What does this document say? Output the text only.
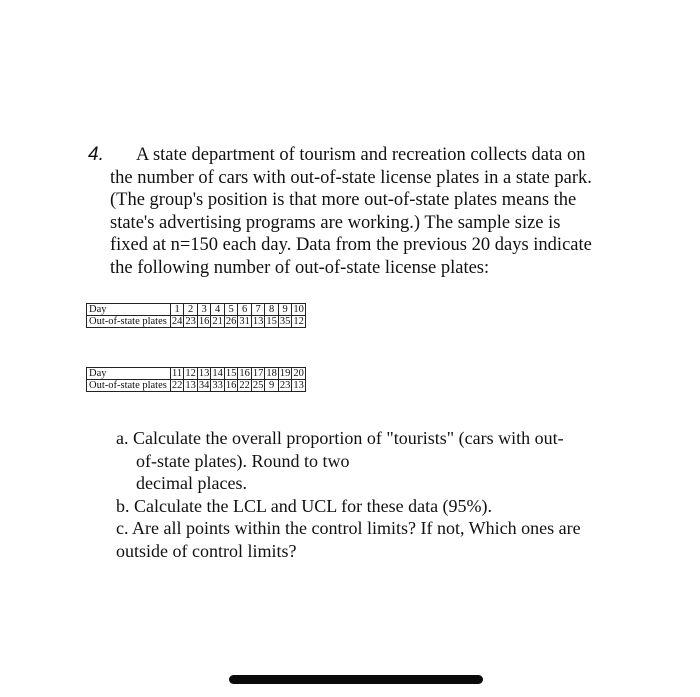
4.	A state department of tourism and recreation collects data on
the number of cars with out-of-state license plates in a state park.
(The group's position is that more out-of-state plates means the
state's advertising programs are working.) The sample size is
fixed at n=150 each day. Data from the previous 20 days indicate
the following number of out-of-state license plates:
Day	1	2	3	4	5	6	7	8	9	10
Out-of-state plates	24	23	16	21	26	31	13	15	35	12
Day	11	12	13	14	15	16	17	18	19	20
Out-of-state plates	22	13	34	33	16	22	25	9	23	13
a. Calculate the overall proportion of "tourists" (cars with out-
of-state plates). Round to two
decimal places.
b. Calculate the LCL and UCL for these data (95%).
c. Are all points within the control limits? If not, Which ones are
outside of control limits?
